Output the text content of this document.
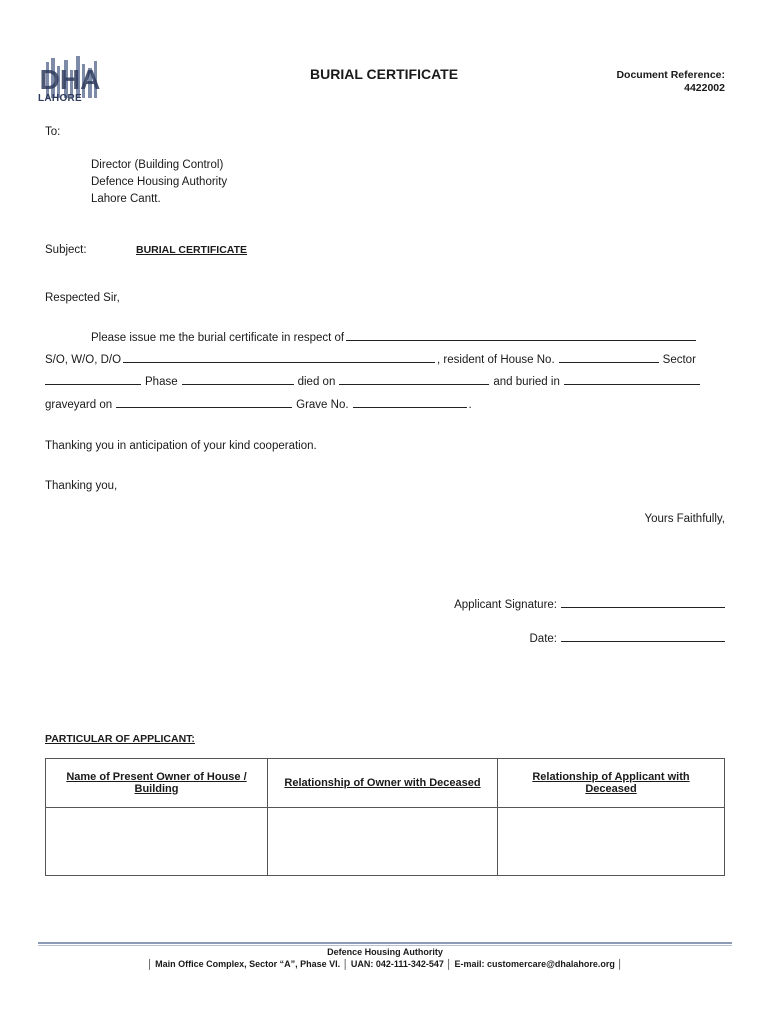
DHA
LAHORE
BURIAL CERTIFICATE	Document Reference:
4422002
To:
Director (Building Control)
Defence Housing Authority
Lahore Cantt.
Subject:	BURIAL CERTIFICATE
Respected Sir,
Please issue me the burial certificate in respect of
S/O, W/O, D/O	, resident of House No.	Sector
Phase	died on	and buried in
graveyard on	Grave No.	.
Thanking you in anticipation of your kind cooperation.
Thanking you,
Yours Faithfully,
Applicant Signature:
Date:
PARTICULAR OF APPLICANT:
Name of Present Owner of House / Building	Relationship of Owner with Deceased	Relationship of Applicant with Deceased

Defence Housing Authority
│ Main Office Complex, Sector “A”, Phase VI. │ UAN: 042-111-342-547 │ E-mail: customercare@dhalahore.org │
